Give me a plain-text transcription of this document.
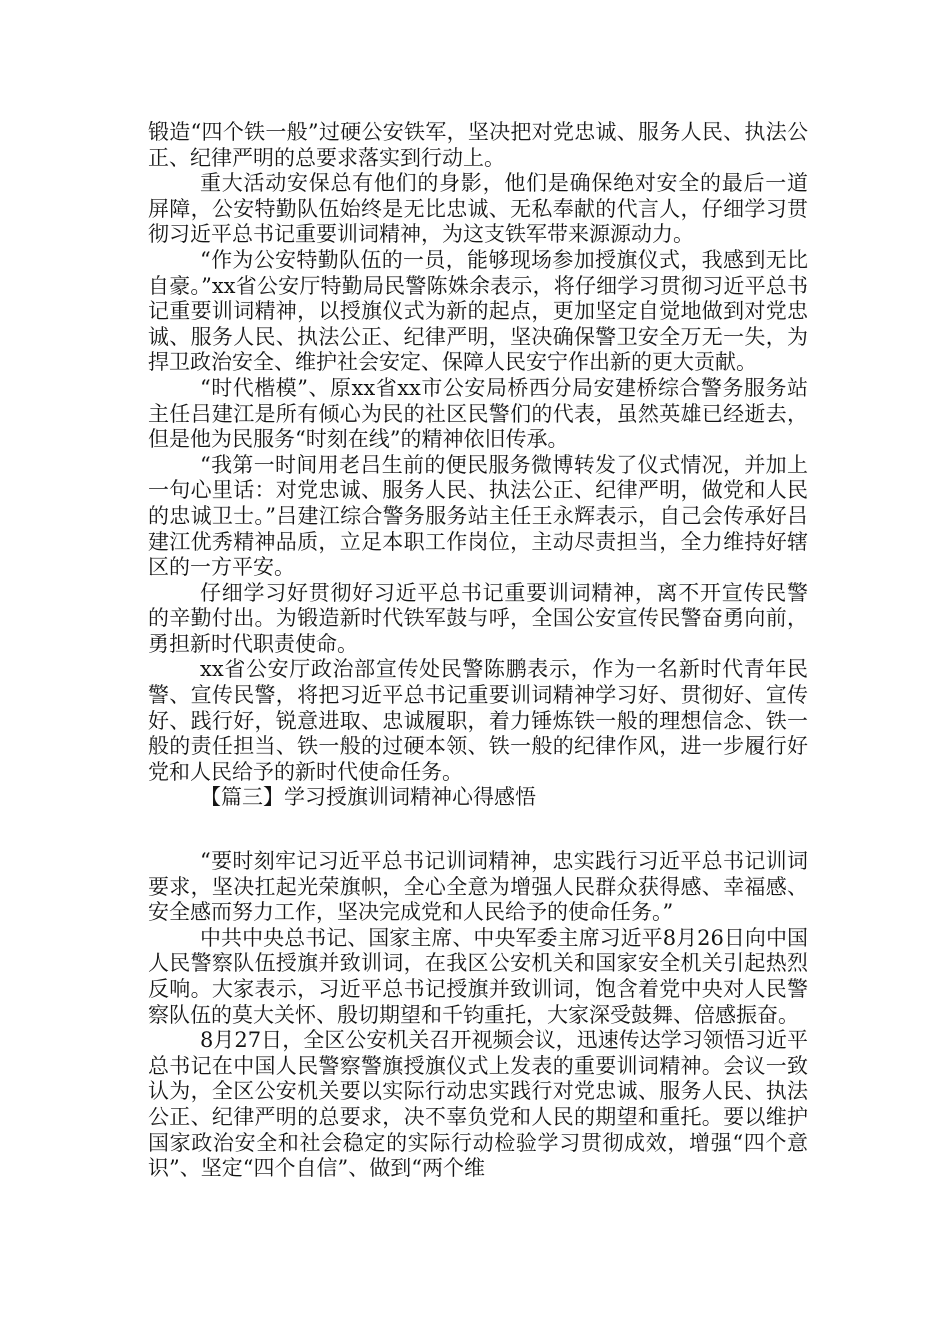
锻造“四个铁一般”过硬公安铁军，坚决把对党忠诚、服务人民、执法公正、纪律严明的总要求落实到行动上。

重大活动安保总有他们的身影，他们是确保绝对安全的最后一道屏障，公安特勤队伍始终是无比忠诚、无私奉献的代言人，仔细学习贯彻习近平总书记重要训词精神，为这支铁军带来源源动力。

“作为公安特勤队伍的一员，能够现场参加授旗仪式，我感到无比自豪。”xx省公安厅特勤局民警陈姝余表示，将仔细学习贯彻习近平总书记重要训词精神，以授旗仪式为新的起点，更加坚定自觉地做到对党忠诚、服务人民、执法公正、纪律严明，坚决确保警卫安全万无一失，为捍卫政治安全、维护社会安定、保障人民安宁作出新的更大贡献。

“时代楷模”、原xx省xx市公安局桥西分局安建桥综合警务服务站主任吕建江是所有倾心为民的社区民警们的代表，虽然英雄已经逝去，但是他为民服务“时刻在线”的精神依旧传承。

“我第一时间用老吕生前的便民服务微博转发了仪式情况，并加上一句心里话：对党忠诚、服务人民、执法公正、纪律严明，做党和人民的忠诚卫士。”吕建江综合警务服务站主任王永辉表示，自己会传承好吕建江优秀精神品质，立足本职工作岗位，主动尽责担当，全力维持好辖区的一方平安。

仔细学习好贯彻好习近平总书记重要训词精神，离不开宣传民警的辛勤付出。为锻造新时代铁军鼓与呼，全国公安宣传民警奋勇向前，勇担新时代职责使命。

xx省公安厅政治部宣传处民警陈鹏表示，作为一名新时代青年民警、宣传民警，将把习近平总书记重要训词精神学习好、贯彻好、宣传好、践行好，锐意进取、忠诚履职，着力锤炼铁一般的理想信念、铁一般的责任担当、铁一般的过硬本领、铁一般的纪律作风，进一步履行好党和人民给予的新时代使命任务。

【篇三】学习授旗训词精神心得感悟

“要时刻牢记习近平总书记训词精神，忠实践行习近平总书记训词要求，坚决扛起光荣旗帜，全心全意为增强人民群众获得感、幸福感、安全感而努力工作，坚决完成党和人民给予的使命任务。”

中共中央总书记、国家主席、中央军委主席习近平8月26日向中国人民警察队伍授旗并致训词，在我区公安机关和国家安全机关引起热烈反响。大家表示，习近平总书记授旗并致训词，饱含着党中央对人民警察队伍的莫大关怀、殷切期望和千钧重托，大家深受鼓舞、倍感振奋。

8月27日，全区公安机关召开视频会议，迅速传达学习领悟习近平总书记在中国人民警察警旗授旗仪式上发表的重要训词精神。会议一致认为，全区公安机关要以实际行动忠实践行对党忠诚、服务人民、执法公正、纪律严明的总要求，决不辜负党和人民的期望和重托。要以维护国家政治安全和社会稳定的实际行动检验学习贯彻成效，增强“四个意识”、坚定“四个自信”、做到“两个维
